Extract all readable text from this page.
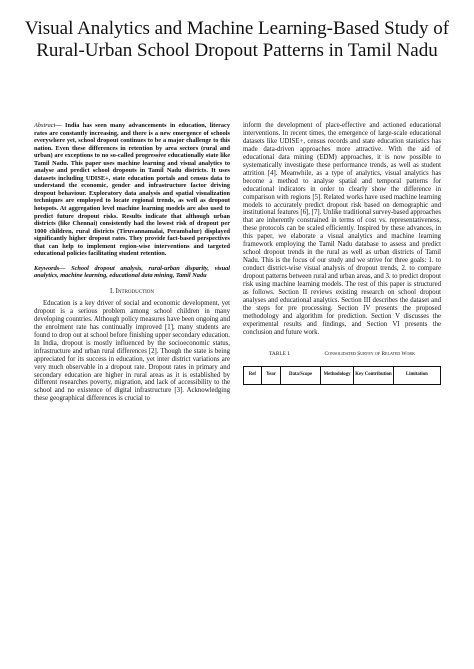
Visual Analytics and Machine Learning-Based Study of Rural-Urban School Dropout Patterns in Tamil Nadu

Abstract— India has seen many advancements in education, literacy rates are constantly increasing, and there is a new emergence of schools everywhere yet, school dropout continues to be a major challenge to this nation. Even these differences in retention by area sectors (rural and urban) are exceptions to no so-called progressive educationally state like Tamil Nadu. This paper uses machine learning and visual analytics to analyse and predict school dropouts in Tamil Nadu districts. It uses datasets including UDISE+, state education portals and census data to understand the economic, gender and infrastructure factor driving dropout behaviour. Exploratory data analysis and spatial visualization techniques are employed to locate regional trends, as well as dropout hotspots. At aggregation level machine learning models are also used to predict future dropout risks. Results indicate that although urban districts (like Chennai) consistently had the lowest risk of dropout per 1000 children, rural districts (Tiruvannamalai, Perambalur) displayed significantly higher dropout rates. They provide fact-based perspectives that can help to implement region-wise interventions and targeted educational policies facilitating student retention.

Keywords— School dropout analysis, rural-urban disparity, visual analytics, machine learning, educational data mining, Tamil Nadu

I. Introduction

Education is a key driver of social and economic development, yet dropout is a serious problem among school children in many developing countries. Although policy measures have been ongoing and the enrolment rate has continually improved [1], many students are found to drop out at school before finishing upper secondary education. In India, dropout is mostly influenced by the socioeconomic status, infrastructure and urban rural differences [2]. Though the state is being appreciated for its success in education, yet inter district variations are very much observable in a dropout rate. Dropout rates in primary and secondary education are higher in rural areas as it is established by different researches poverty, migration, and lack of accessibility to the school and no existence of digital infrastructure [3]. Acknowledging these geographical differences is crucial to

inform the development of place-effective and actioned educational interventions. In recent times, the emergence of large-scale educational datasets like UDISE+, census records and state education statistics has made data-driven approaches more attractive. With the aid of educational data mining (EDM) approaches, it is now possible to systematically investigate these performance trends, as well as student attrition [4]. Meanwhile, as a type of analytics, visual analytics has become a method to analyse spatial and temporal patterns for educational indicators in order to clearly show the difference in comparison with regions [5]. Related works have used machine learning models to accurately predict dropout risk based on demographic and institutional features [6], [7]. Unlike traditional survey-based approaches that are inherently constrained in terms of cost vs. representativeness, these protocols can be scaled efficiently. Inspired by these advances, in this paper, we elaborate a visual analytics and machine learning framework employing the Tamil Nadu database to assess and predict school dropout trends in the rural as well as urban districts of Tamil Nadu. This is the focus of our study and we strive for three goals: 1. to conduct district-wise visual analysis of dropout trends, 2. to compare dropout patterns between rural and urban areas, and 3. to predict dropout risk using machine learning models. The rest of this paper is structured as follows. Section II reviews existing research on school dropout analyses and educational analytics. Section III describes the dataset and the steps for pre processing. Section IV presents the proposed methodology and algorithm for prediction. Section V discusses the experimental results and findings, and Section VI presents the conclusion and future work.

TABLE I.	Consolidated Survey of Related Work
Ref	Year	Data/Scope	Methodology	Key Contribution	Limitation
